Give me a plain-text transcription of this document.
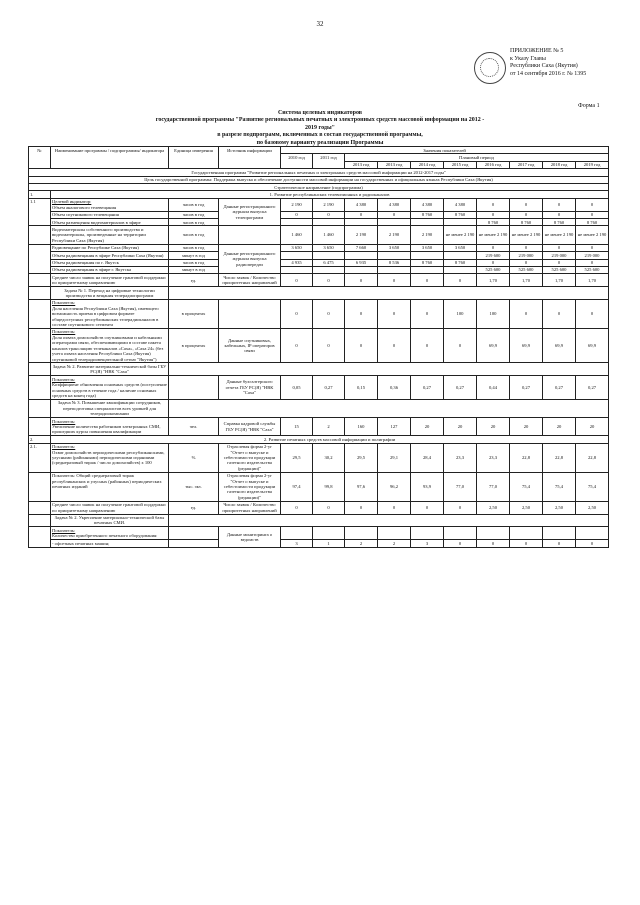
32
ПРИЛОЖЕНИЕ № 5
к Указу Главы
Республики Саха (Якутия)
от 14 сентября 2016 г. № 1395
Форма 1
Система целевых индикаторов
государственной программы "Развитие региональных печатных и электронных средств массовой информации на 2012 - 2019 годы"
в разрезе подпрограмм, включенных в состав государственной программы,
по базовому варианту реализации Программы
№	Наименование программы / подпрограммы/ индикатора	Единица измерения	Источник информации	Значения показателей									
				2010 год	2011 год	Плановый период							
						2013 год	2013 год	2014 год	2015 год	2016 год	2017 год	2018 год	2019 год
Государственная программа "Развитие региональных печатных и электронных средств массовой информации на 2012-2017 годы"													
Цель государственной программы: Поддержка выпуска и обеспечение доступности массовой информации на государственных и официальных языках Республики Саха (Якутия)													
Стратегическое направление (подпрограмма)													
1.	1. Развитие республиканских телевизионных и радиоканалов												
1.1	Целевой индикатор:
Объем аналогового телевещания	часов в год	Данные регистрационного журнала выпуска телепрограмм	2 190	2 190	4 380	4 380	4 380	4 380	0	0	0	0

	Объем спутникового телевещания	часов в год		0	0	0	0	8 760	8 760	0	0	0	0

	Объем размещения видеоматериалов в эфире	часов в год								8 760	8 760	8 760	8 760

	Видеоматериалы собственного производства и видеоматериалы, произведенные на территории Республики Саха (Якутия)	часов в год		1 460	1 460	2 190	2 190	2 190	не менее 2 190	не менее 2 190	не менее 2 190	не менее 2 190	не менее 2 190

	Радиовещание по Республике Саха (Якутия)	часов в год	Данные регистрационного журнала выпуска радиопередач	3 650	3 650	7 660	3 650	3 650	3 650	0	0	0	0

	Объем радиовещания в эфире Республики Саха (Якутия)	минут в год								219 600	219 000	219 000	219 000

	Объем радиовещания по г. Якутск	часов в год		4 935	6 475	6 935	8 536	8 760	8 760	0	0	0	0

	Объем радиовещания в эфире г. Якутска	минут в год								525 600	525 600	525 600	525 600

	Среднее число заявок на получение грантовой поддержки по приоритетному направлению	ед.	Число заявок / Количество приоритетных направлений	0	0	0	0	0	0	1,70	1,70	1,70	1,70
	Задача № 1. Переход на цифровые технологии производства и вещания телерадиопрограмм												

	Показатель:
Доля населения Республики Саха (Якутия), имеющего возможность приема в цифровом формате общедоступных республиканских телерадиоканалов в составе спутникового сегмента	в процентах		0	0	0	0	0	100	100	0	0	0

	Показатель:
Доля охвата домохозяйств спутниковыми и кабельными операторами связи, обеспечивающими в составе пакета каналов трансляцию телеканалов «Саха», «Саха 24» (без учета охвата населения Республики Саха (Якутия) спутниковой телерадиовещательной сетью "Якутия")	в процентах	Данные спутниковых, кабельных, IP операторов связи	0	0	0	0	0	0	69,9	69,9	69,9	69,9
	Задача № 2. Развитие материально-технической базы ГБУ РС(Я) "НВК "Саха"												

	Показатель:
Коэффициент обновления основных средств (поступление основных средств в течение года / наличие основных средств на конец года)		Данные бухгалтерского отчета ГБУ РС(Я) "НВК "Саха"	0,05	0,27	0,15	0,36	0,27	0,27	0,44	0,27	0,27	0,27
	Задача № 3. Повышение квалификации сотрудников, переподготовка специалистов всех уровней для телерадиокомпании												

	Показатель:
Увеличение количества работников электронных СМИ, прошедших курсы повышения квалификации	чел.	Справка кадровой службы ГБУ РС(Я) "НВК "Саха"	15	2	160	127	20	20	20	20	20	20
2.	2. Развитие печатных средств массовой информации и полиграфии												
2.1.	Показатель:
Охват домохозяйств периодическими республиканскими, улусными (районными) периодическими изданиями (среднеразовый тираж / число домохозяйств) х 100	%	Отраслевая форма 2-уг "Отчет о выпуске и себестоимости продукции газетного издательства (редакции)"	29,5	30,2	29,5	29,1	28,4	23,3	23,3	22,8	22,8	22,8

	Показатель: Общий среднеразовый тираж республиканских и улусных (районных) периодических печатных изданий	тыс. экз.	Отраслевая форма 2-уг "Отчет о выпуске и себестоимости продукции газетного издательства (редакции)"	97,4	99,8	97,6	96,2	93,9	77,0	77,0	75,4	75,4	75,4

	Среднее число заявок на получение грантовой поддержки по приоритетному направлению	ед.	Число заявок / Количество приоритетных направлений	0	0	0	0	0	0	2,50	2,50	2,50	2,50
	Задача № 2. Укрепление материально-технической базы печатных СМИ.												

	Показатель:
Количество приобретенного печатного оборудования:		Данные мониторинга о ведомств										

	- офсетных печатных машин;			3	1	2	2	3	0	0	0	0	0
